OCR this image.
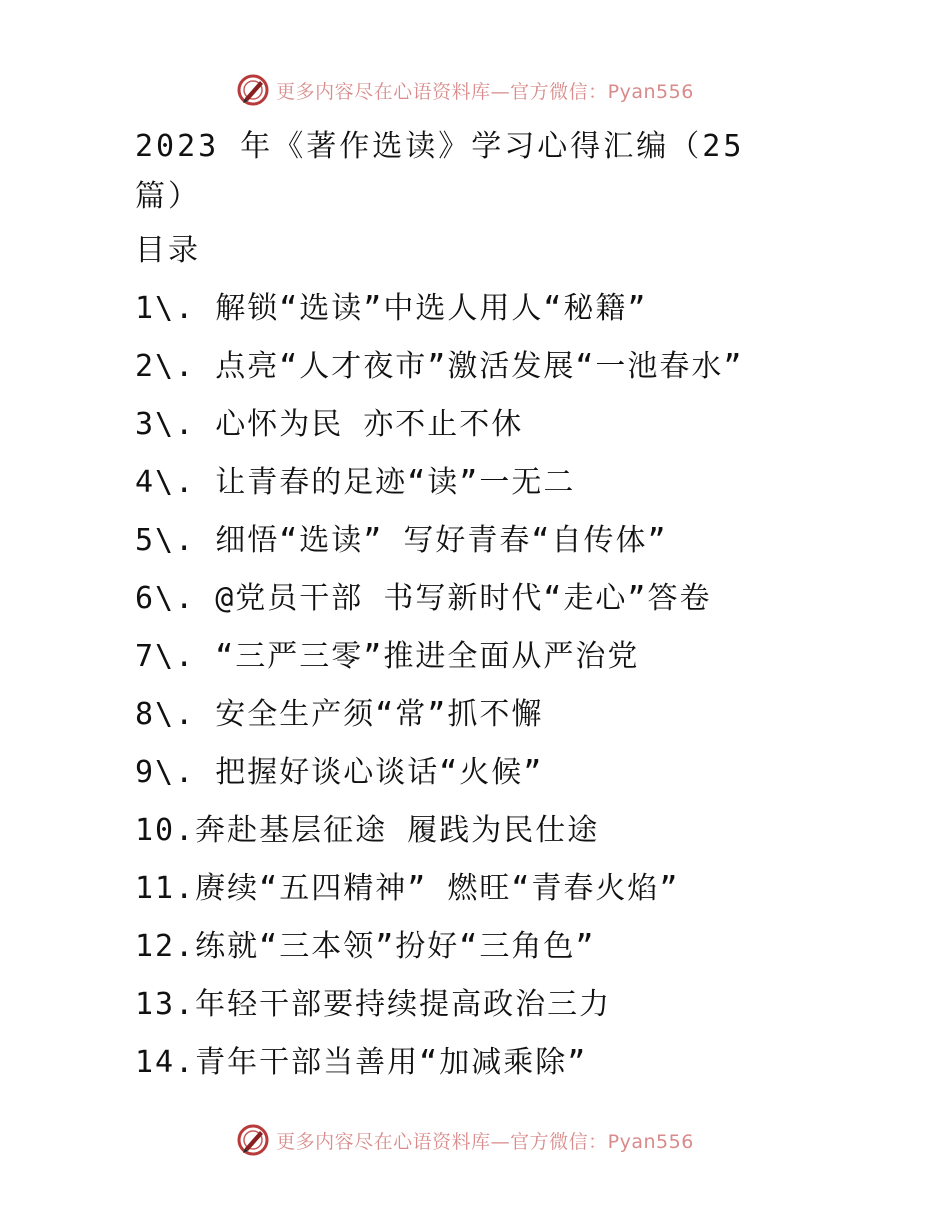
更多内容尽在心语资料库—官方微信：Pyan556
2023 年《著作选读》学习心得汇编（25篇）
目录
1\. 解锁“选读”中选人用人“秘籍”
2\. 点亮“人才夜市”激活发展“一池春水”
3\. 心怀为民 亦不止不休
4\. 让青春的足迹“读”一无二
5\. 细悟“选读” 写好青春“自传体”
6\. @党员干部 书写新时代“走心”答卷
7\. “三严三零”推进全面从严治党
8\. 安全生产须“常”抓不懈
9\. 把握好谈心谈话“火候”
10.奔赴基层征途 履践为民仕途
11.赓续“五四精神” 燃旺“青春火焰”
12.练就“三本领”扮好“三角色”
13.年轻干部要持续提高政治三力
14.青年干部当善用“加减乘除”
更多内容尽在心语资料库—官方微信：Pyan556
